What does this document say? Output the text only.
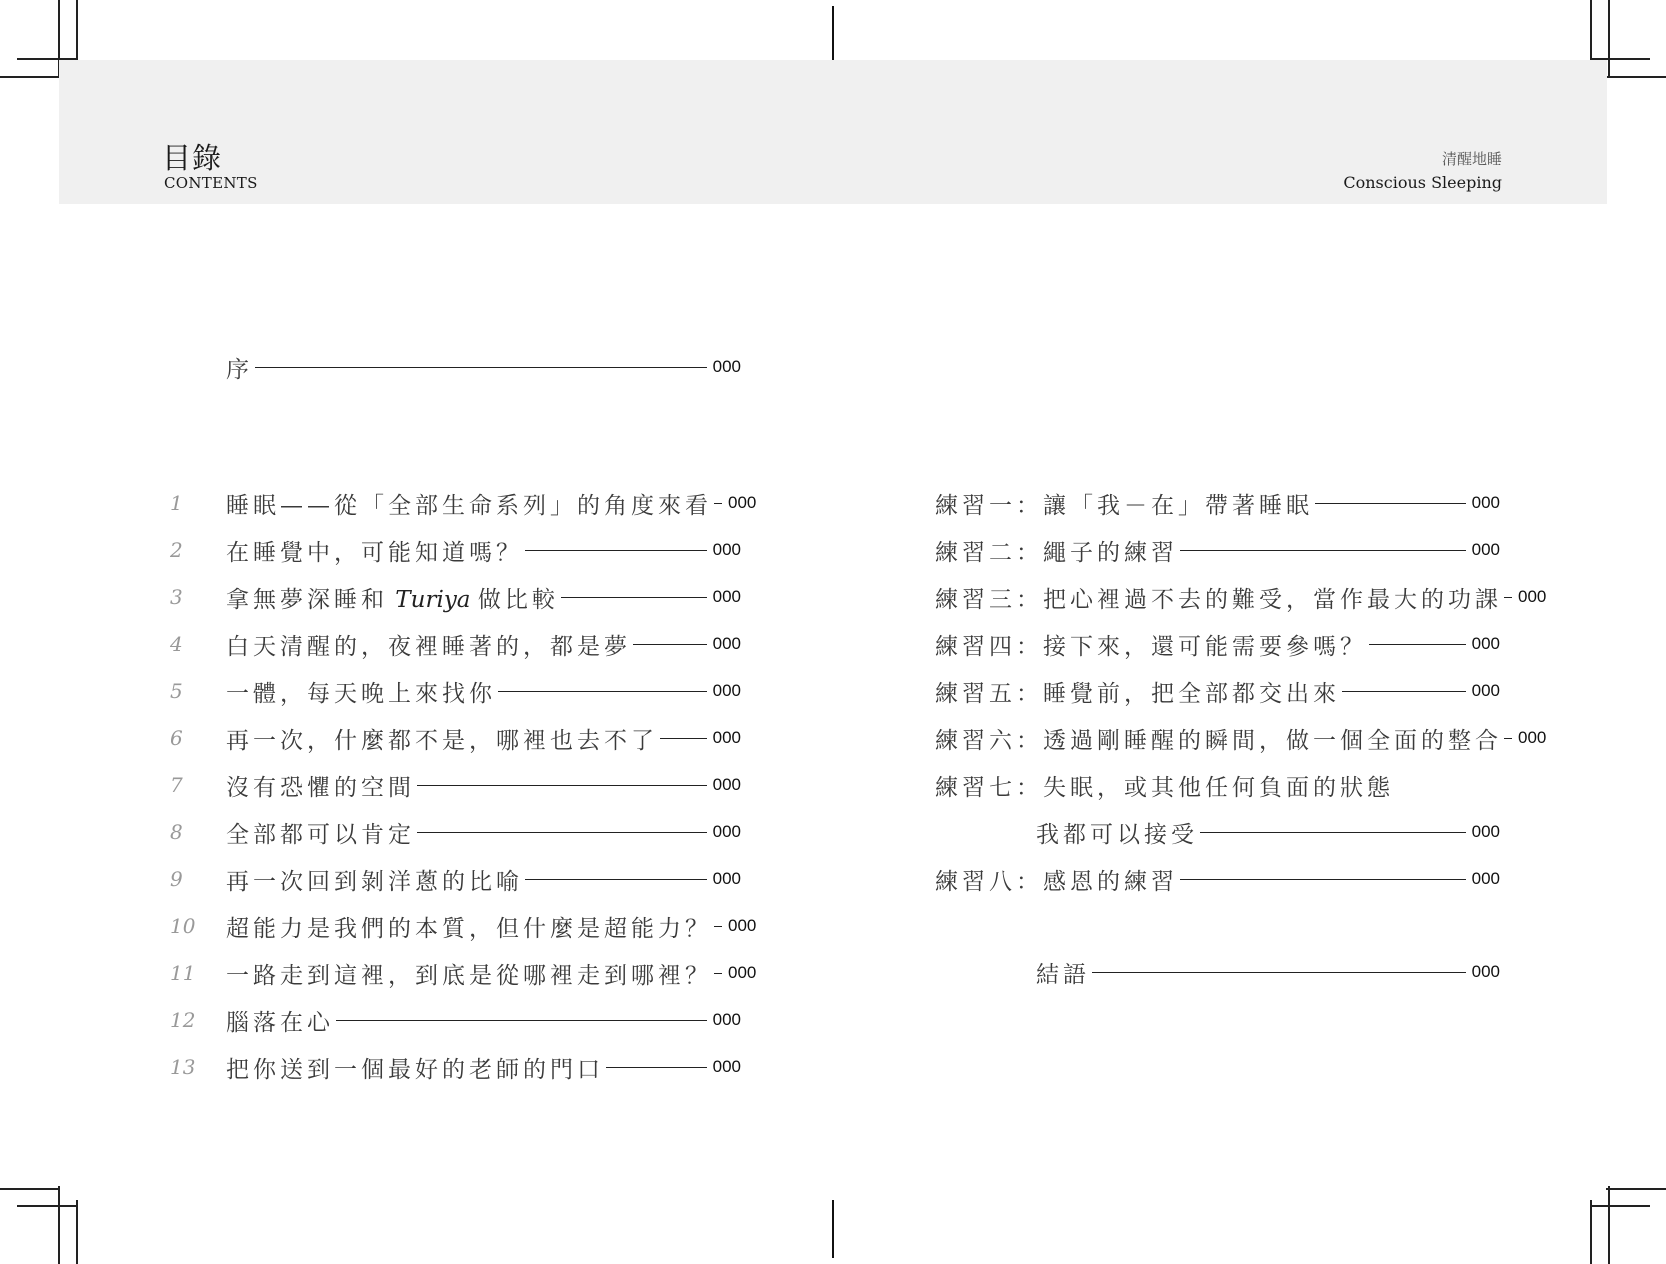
目錄
CONTENTS
清醒地睡
Conscious Sleeping
序	000
結語	000
1	睡眠——從「全部生命系列」的角度來看 000
2	在睡覺中，可能知道嗎？	000
3	拿無夢深睡和 Turiya 做比較	000
4	白天清醒的，夜裡睡著的，都是夢	000
5	一體，每天晚上來找你	000
6	再一次，什麼都不是，哪裡也去不了	000
7	沒有恐懼的空間	000
8	全部都可以肯定	000
9	再一次回到剝洋蔥的比喻	000
10	超能力是我們的本質，但什麼是超能力？ 000
11	一路走到這裡，到底是從哪裡走到哪裡？ 000
12	腦落在心	000
13	把你送到一個最好的老師的門口	000
練習一：讓「我－在」帶著睡眠	000
練習二：繩子的練習	000
練習三：把心裡過不去的難受，當作最大的功課 000
練習四：接下來，還可能需要參嗎？	000
練習五：睡覺前，把全部都交出來	000
練習六：透過剛睡醒的瞬間，做一個全面的整合 000
練習七：失眠，或其他任何負面的狀態
我都可以接受	000
練習八：感恩的練習	000
